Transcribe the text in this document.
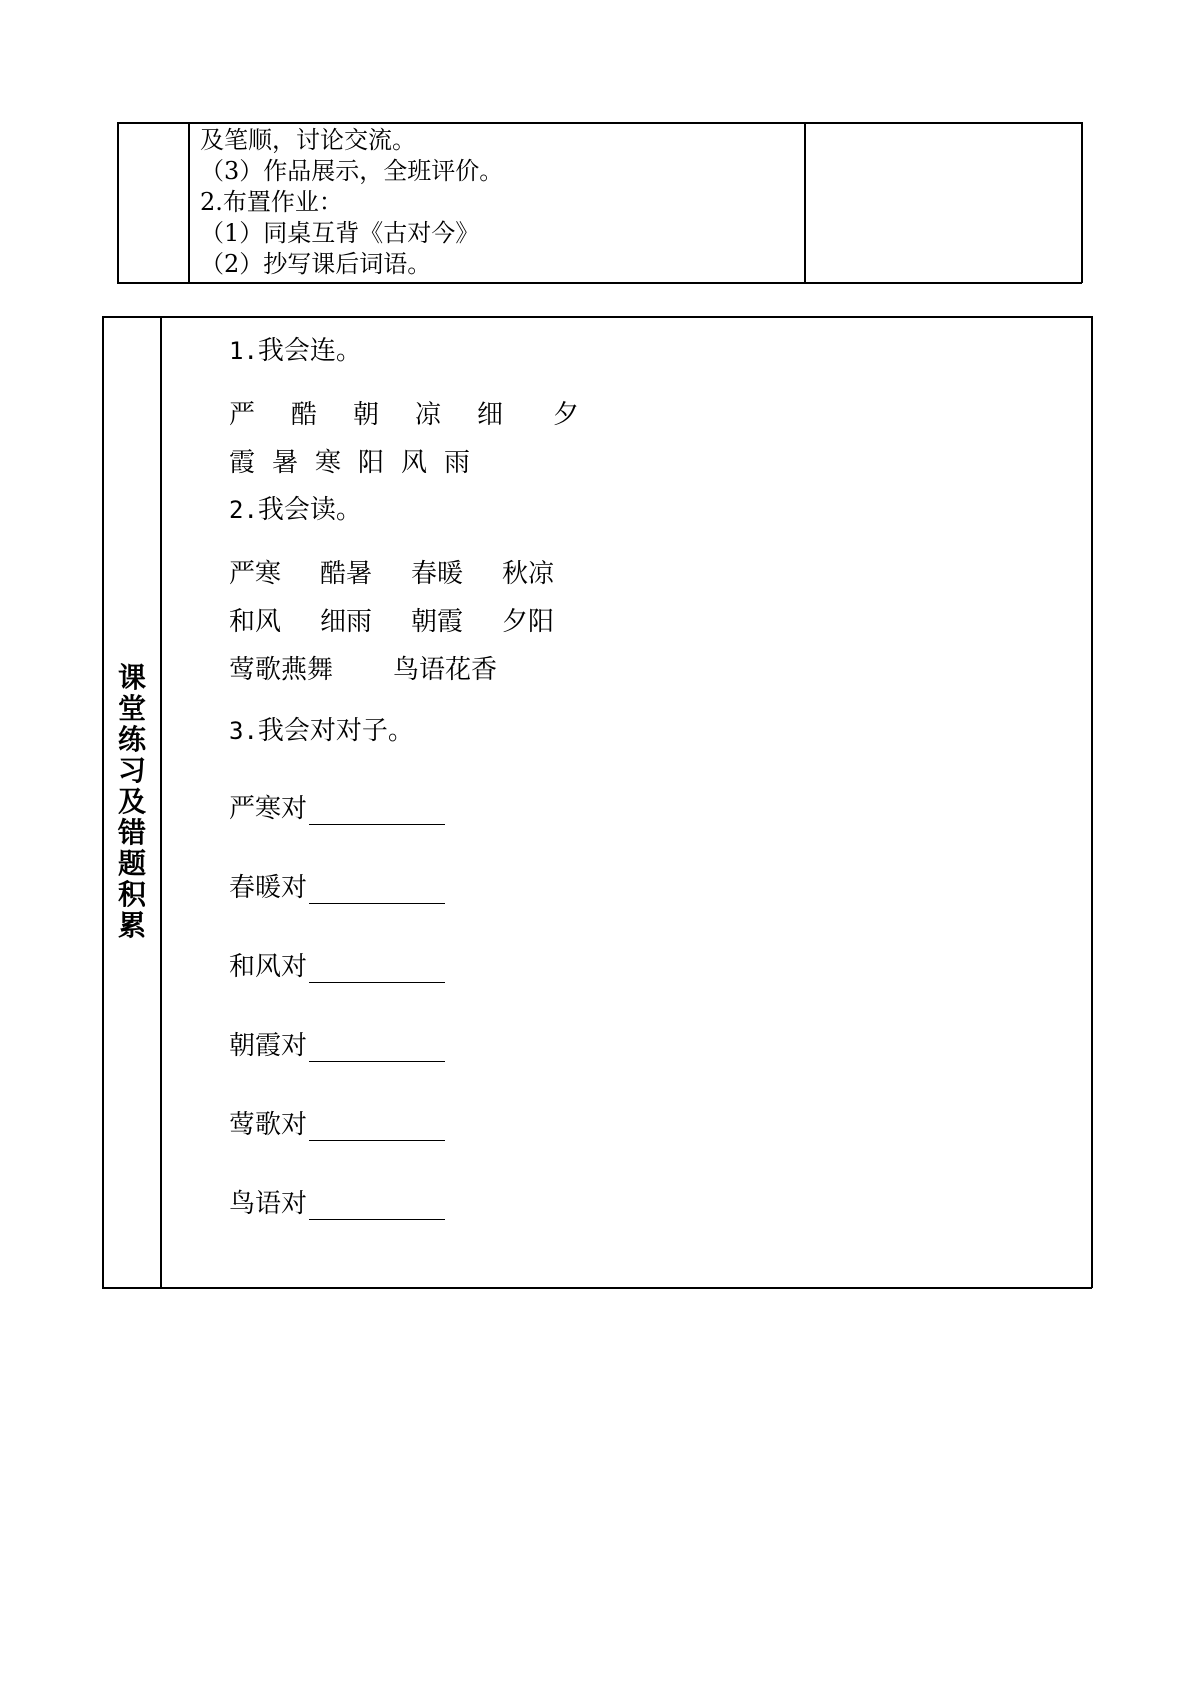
及笔顺，讨论交流。
（3）作品展示，全班评价。
2.布置作业：
（1）同桌互背《古对今》
（2）抄写课后词语。
课
堂
练
习
及
错
题
积
累
1.我会连。
严 酷 朝 凉 细 夕
霞 暑 寒 阳 风 雨
2.我会读。
严寒 酷暑 春暖 秋凉
和风 细雨 朝霞 夕阳
莺歌燕舞 鸟语花香
3.我会对对子。
严寒对
春暖对
和风对
朝霞对
莺歌对
鸟语对
